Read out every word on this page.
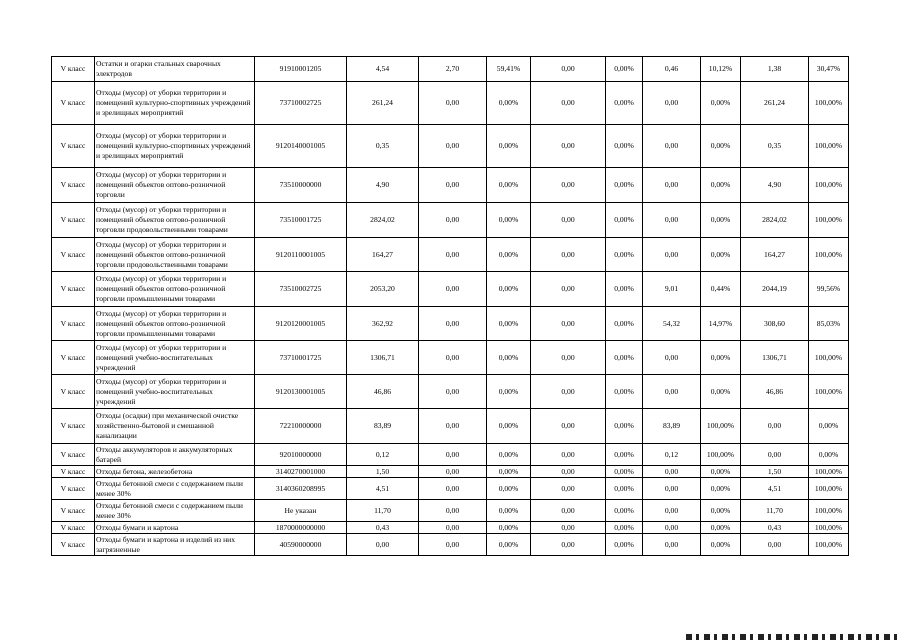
V класс	Остатки и огарки стальных сварочных электродов	91910001205	4,54	2,70	59,41%	0,00	0,00%	0,46	10,12%	1,38	30,47%
V класс	Отходы (мусор) от уборки территории и помещений культурно-спортивных учреждений и зрелищных мероприятий	73710002725	261,24	0,00	0,00%	0,00	0,00%	0,00	0,00%	261,24	100,00%
V класс	Отходы (мусор) от уборки территории и помещений культурно-спортивных учреждений и зрелищных мероприятий	9120140001005	0,35	0,00	0,00%	0,00	0,00%	0,00	0,00%	0,35	100,00%
V класс	Отходы (мусор) от уборки территории и помещений объектов оптово-розничной торговли	73510000000	4,90	0,00	0,00%	0,00	0,00%	0,00	0,00%	4,90	100,00%
V класс	Отходы (мусор) от уборки территории и помещений объектов оптово-розничной торговли продовольственными товарами	73510001725	2824,02	0,00	0,00%	0,00	0,00%	0,00	0,00%	2824,02	100,00%
V класс	Отходы (мусор) от уборки территории и помещений объектов оптово-розничной торговли продовольственными товарами	9120110001005	164,27	0,00	0,00%	0,00	0,00%	0,00	0,00%	164,27	100,00%
V класс	Отходы (мусор) от уборки территории и помещений объектов оптово-розничной торговли промышленными товарами	73510002725	2053,20	0,00	0,00%	0,00	0,00%	9,01	0,44%	2044,19	99,56%
V класс	Отходы (мусор) от уборки территории и помещений объектов оптово-розничной торговли промышленными товарами	9120120001005	362,92	0,00	0,00%	0,00	0,00%	54,32	14,97%	308,60	85,03%
V класс	Отходы (мусор) от уборки территории и помещений учебно-воспитательных учреждений	73710001725	1306,71	0,00	0,00%	0,00	0,00%	0,00	0,00%	1306,71	100,00%
V класс	Отходы (мусор) от уборки территории и помещений учебно-воспитательных учреждений	9120130001005	46,86	0,00	0,00%	0,00	0,00%	0,00	0,00%	46,86	100,00%
V класс	Отходы (осадки) при механической очистке хозяйственно-бытовой и смешанной канализации	72210000000	83,89	0,00	0,00%	0,00	0,00%	83,89	100,00%	0,00	0,00%
V класс	Отходы аккумуляторов и аккумуляторных батарей	92010000000	0,12	0,00	0,00%	0,00	0,00%	0,12	100,00%	0,00	0,00%
V класс	Отходы бетона, железобетона	3140270001000	1,50	0,00	0,00%	0,00	0,00%	0,00	0,00%	1,50	100,00%
V класс	Отходы бетонной смеси с содержанием пыли менее 30%	3140360208995	4,51	0,00	0,00%	0,00	0,00%	0,00	0,00%	4,51	100,00%
V класс	Отходы бетонной смеси с содержанием пыли менее 30%	Не указан	11,70	0,00	0,00%	0,00	0,00%	0,00	0,00%	11,70	100,00%
V класс	Отходы бумаги и картона	1870000000000	0,43	0,00	0,00%	0,00	0,00%	0,00	0,00%	0,43	100,00%
V класс	Отходы бумаги и картона и изделий из них загрязненные	40590000000	0,00	0,00	0,00%	0,00	0,00%	0,00	0,00%	0,00	100,00%
